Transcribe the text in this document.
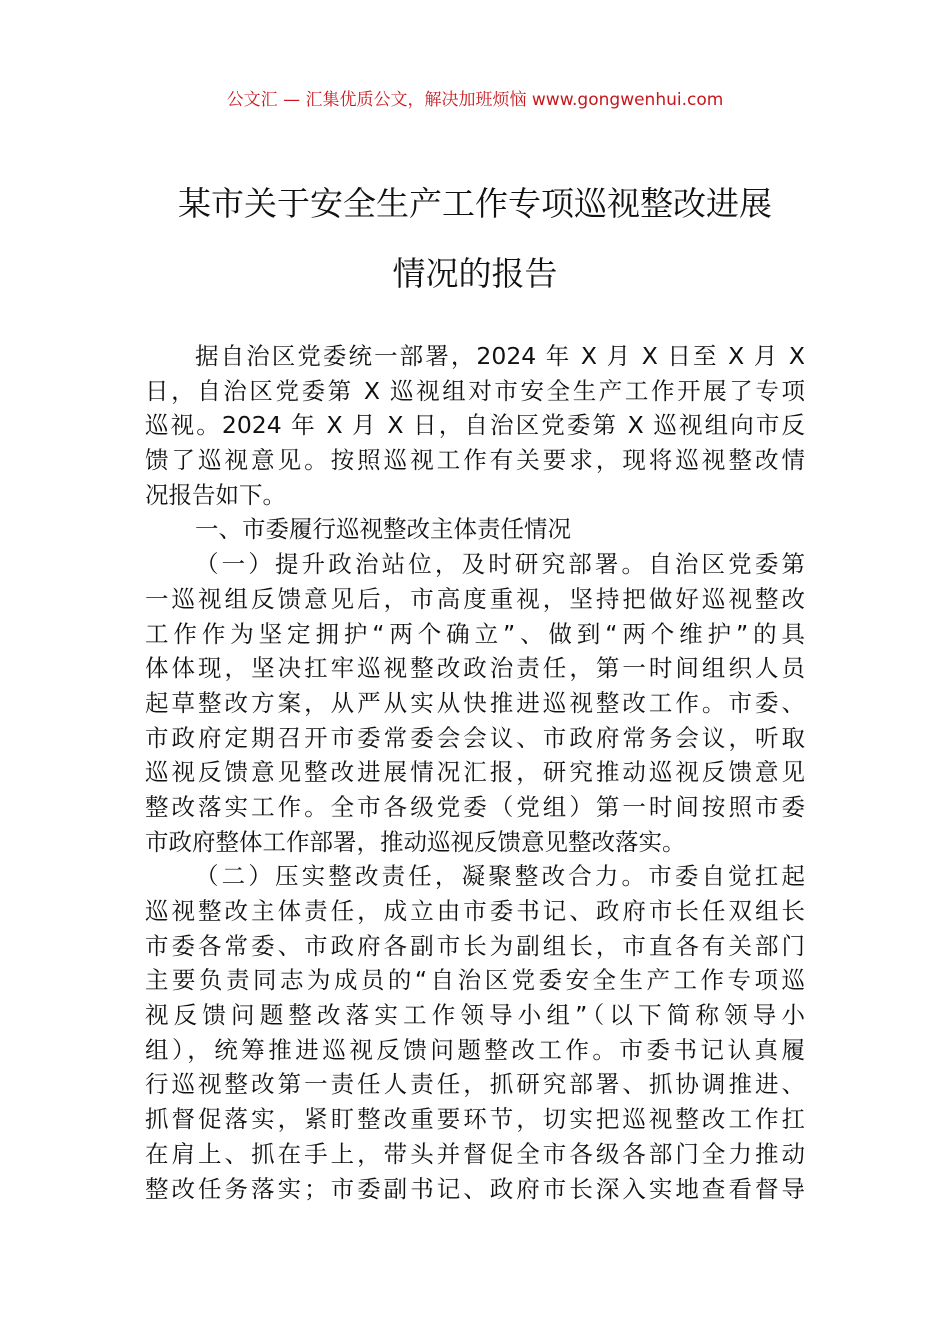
公文汇 — 汇集优质公文，解决加班烦恼 www.gongwenhui.com
某市关于安全生产工作专项巡视整改进展
情况的报告
据自治区党委统一部署，2024 年 X 月 X 日至 X 月 X
日，自治区党委第 X 巡视组对市安全生产工作开展了专项
巡视。2024 年 X 月 X 日，自治区党委第 X 巡视组向市反
馈了巡视意见。按照巡视工作有关要求，现将巡视整改情
况报告如下。
一、市委履行巡视整改主体责任情况
（一）提升政治站位，及时研究部署。自治区党委第
一巡视组反馈意见后，市高度重视，坚持把做好巡视整改
工作作为坚定拥护“两个确立”、做到“两个维护”的具
体体现，坚决扛牢巡视整改政治责任，第一时间组织人员
起草整改方案，从严从实从快推进巡视整改工作。市委、
市政府定期召开市委常委会会议、市政府常务会议，听取
巡视反馈意见整改进展情况汇报，研究推动巡视反馈意见
整改落实工作。全市各级党委（党组）第一时间按照市委
市政府整体工作部署，推动巡视反馈意见整改落实。
（二）压实整改责任，凝聚整改合力。市委自觉扛起
巡视整改主体责任，成立由市委书记、政府市长任双组长
市委各常委、市政府各副市长为副组长，市直各有关部门
主要负责同志为成员的“自治区党委安全生产工作专项巡
视反馈问题整改落实工作领导小组”（以下简称领导小
组），统筹推进巡视反馈问题整改工作。市委书记认真履
行巡视整改第一责任人责任，抓研究部署、抓协调推进、
抓督促落实，紧盯整改重要环节，切实把巡视整改工作扛
在肩上、抓在手上，带头并督促全市各级各部门全力推动
整改任务落实；市委副书记、政府市长深入实地查看督导
